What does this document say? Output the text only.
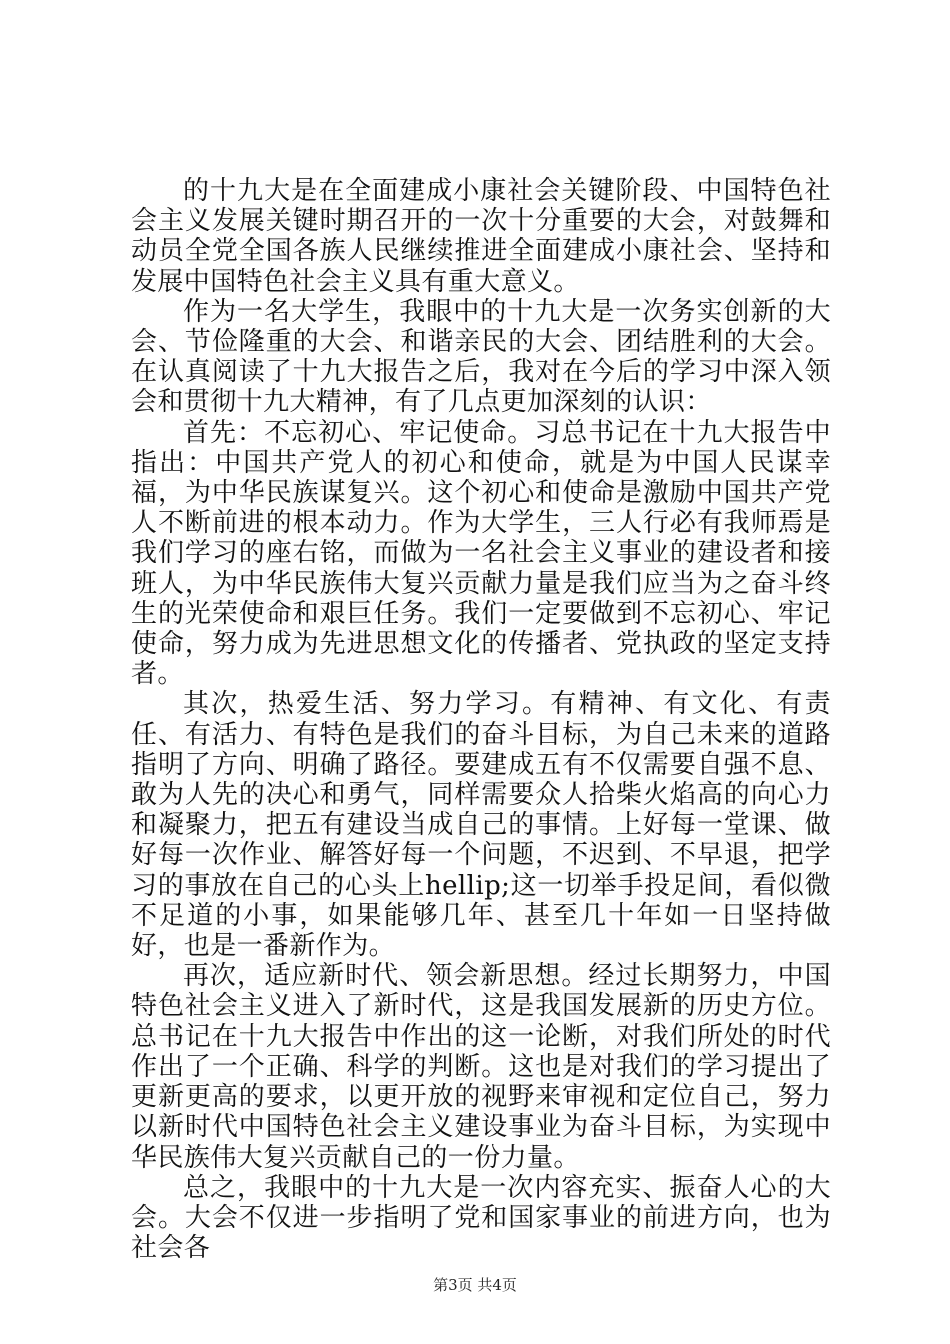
的十九大是在全面建成小康社会关键阶段、中国特色社会主义发展关键时期召开的一次十分重要的大会，对鼓舞和动员全党全国各族人民继续推进全面建成小康社会、坚持和发展中国特色社会主义具有重大意义。

作为一名大学生，我眼中的十九大是一次务实创新的大会、节俭隆重的大会、和谐亲民的大会、团结胜利的大会。在认真阅读了十九大报告之后，我对在今后的学习中深入领会和贯彻十九大精神，有了几点更加深刻的认识：

首先：不忘初心、牢记使命。习总书记在十九大报告中指出：中国共产党人的初心和使命，就是为中国人民谋幸福，为中华民族谋复兴。这个初心和使命是激励中国共产党人不断前进的根本动力。作为大学生，三人行必有我师焉是我们学习的座右铭，而做为一名社会主义事业的建设者和接班人，为中华民族伟大复兴贡献力量是我们应当为之奋斗终生的光荣使命和艰巨任务。我们一定要做到不忘初心、牢记使命，努力成为先进思想文化的传播者、党执政的坚定支持者。

其次，热爱生活、努力学习。有精神、有文化、有责任、有活力、有特色是我们的奋斗目标，为自己未来的道路指明了方向、明确了路径。要建成五有不仅需要自强不息、敢为人先的决心和勇气，同样需要众人拾柴火焰高的向心力和凝聚力，把五有建设当成自己的事情。上好每一堂课、做好每一次作业、解答好每一个问题，不迟到、不早退，把学习的事放在自己的心头上hellip;这一切举手投足间，看似微不足道的小事，如果能够几年、甚至几十年如一日坚持做好，也是一番新作为。

再次，适应新时代、领会新思想。经过长期努力，中国特色社会主义进入了新时代，这是我国发展新的历史方位。总书记在十九大报告中作出的这一论断，对我们所处的时代作出了一个正确、科学的判断。这也是对我们的学习提出了更新更高的要求，以更开放的视野来审视和定位自己，努力以新时代中国特色社会主义建设事业为奋斗目标，为实现中华民族伟大复兴贡献自己的一份力量。

总之，我眼中的十九大是一次内容充实、振奋人心的大会。大会不仅进一步指明了党和国家事业的前进方向，也为社会各

第3页 共4页
